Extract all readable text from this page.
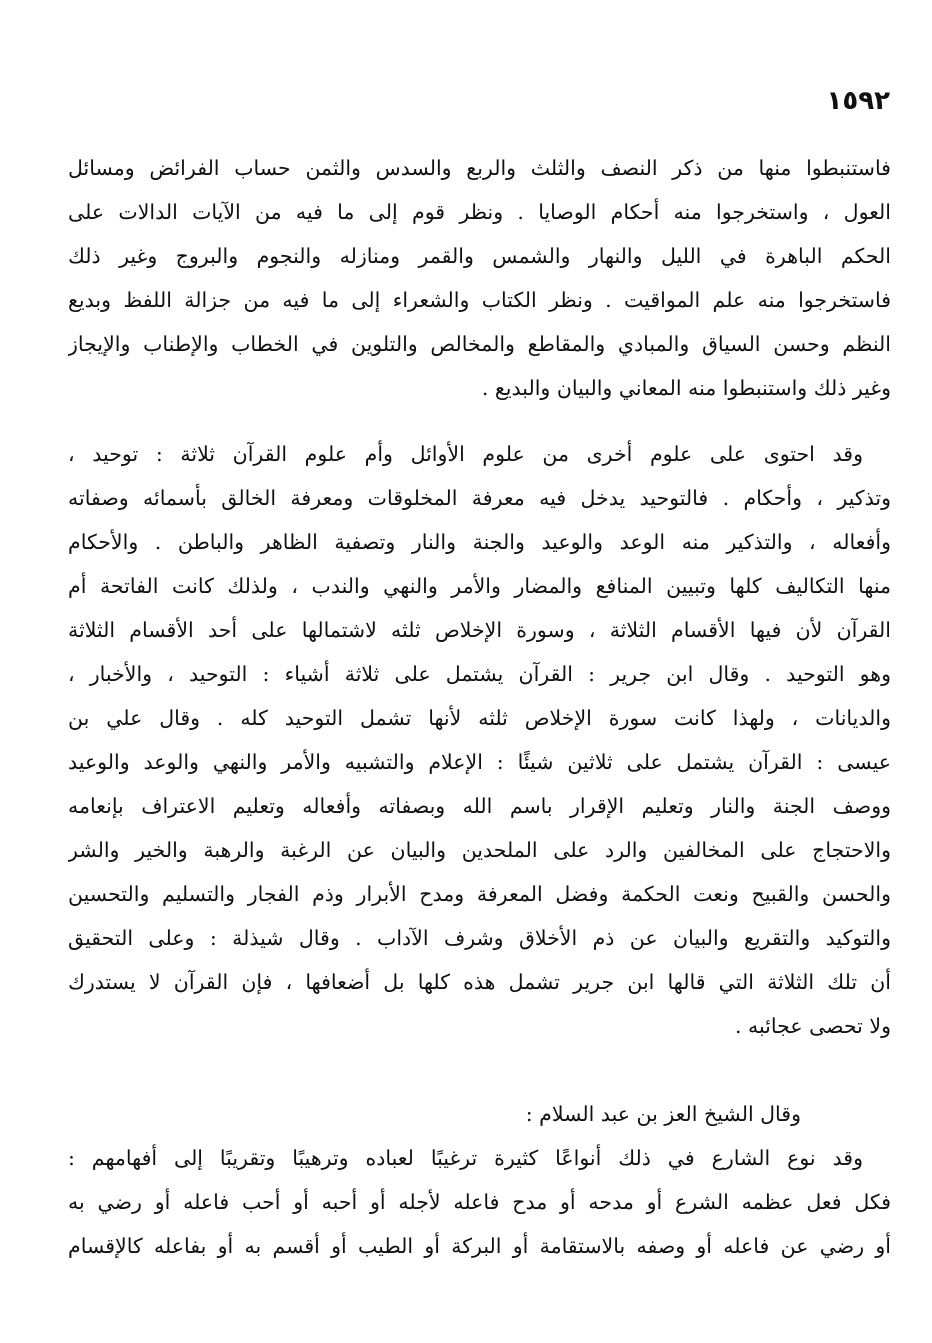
١٥٩٢
فاستنبطوا منها من ذكر النصف والثلث والربع والسدس والثمن حساب الفرائض ومسائل
العول ، واستخرجوا منه أحكام الوصايا . ونظر قوم إلى ما فيه من الآيات الدالات على
الحكم الباهرة في الليل والنهار والشمس والقمر ومنازله والنجوم والبروج وغير ذلك
فاستخرجوا منه علم المواقيت . ونظر الكتاب والشعراء إلى ما فيه من جزالة اللفظ وبديع
النظم وحسن السياق والمبادي والمقاطع والمخالص والتلوين في الخطاب والإطناب والإيجاز
وغير ذلك واستنبطوا منه المعاني والبيان والبديع .
وقد احتوى على علوم أخرى من علوم الأوائل وأم علوم القرآن ثلاثة : توحيد ،
وتذكير ، وأحكام . فالتوحيد يدخل فيه معرفة المخلوقات ومعرفة الخالق بأسمائه وصفاته
وأفعاله ، والتذكير منه الوعد والوعيد والجنة والنار وتصفية الظاهر والباطن . والأحكام
منها التكاليف كلها وتبيين المنافع والمضار والأمر والنهي والندب ، ولذلك كانت الفاتحة أم
القرآن لأن فيها الأقسام الثلاثة ، وسورة الإخلاص ثلثه لاشتمالها على أحد الأقسام الثلاثة
وهو التوحيد . وقال ابن جرير : القرآن يشتمل على ثلاثة أشياء : التوحيد ، والأخبار ،
والديانات ، ولهذا كانت سورة الإخلاص ثلثه لأنها تشمل التوحيد كله . وقال علي بن
عيسى : القرآن يشتمل على ثلاثين شيئًا : الإعلام والتشبيه والأمر والنهي والوعد والوعيد
ووصف الجنة والنار وتعليم الإقرار باسم الله وبصفاته وأفعاله وتعليم الاعتراف بإنعامه
والاحتجاج على المخالفين والرد على الملحدين والبيان عن الرغبة والرهبة والخير والشر
والحسن والقبيح ونعت الحكمة وفضل المعرفة ومدح الأبرار وذم الفجار والتسليم والتحسين
والتوكيد والتقريع والبيان عن ذم الأخلاق وشرف الآداب . وقال شيذلة : وعلى التحقيق
أن تلك الثلاثة التي قالها ابن جرير تشمل هذه كلها بل أضعافها ، فإن القرآن لا يستدرك
ولا تحصى عجائبه .
وقال الشيخ العز بن عبد السلام :
وقد نوع الشارع في ذلك أنواعًا كثيرة ترغيبًا لعباده وترهيبًا وتقريبًا إلى أفهامهم :
فكل فعل عظمه الشرع أو مدحه أو مدح فاعله لأجله أو أحبه أو أحب فاعله أو رضي به
أو رضي عن فاعله أو وصفه بالاستقامة أو البركة أو الطيب أو أقسم به أو بفاعله كالإقسام
